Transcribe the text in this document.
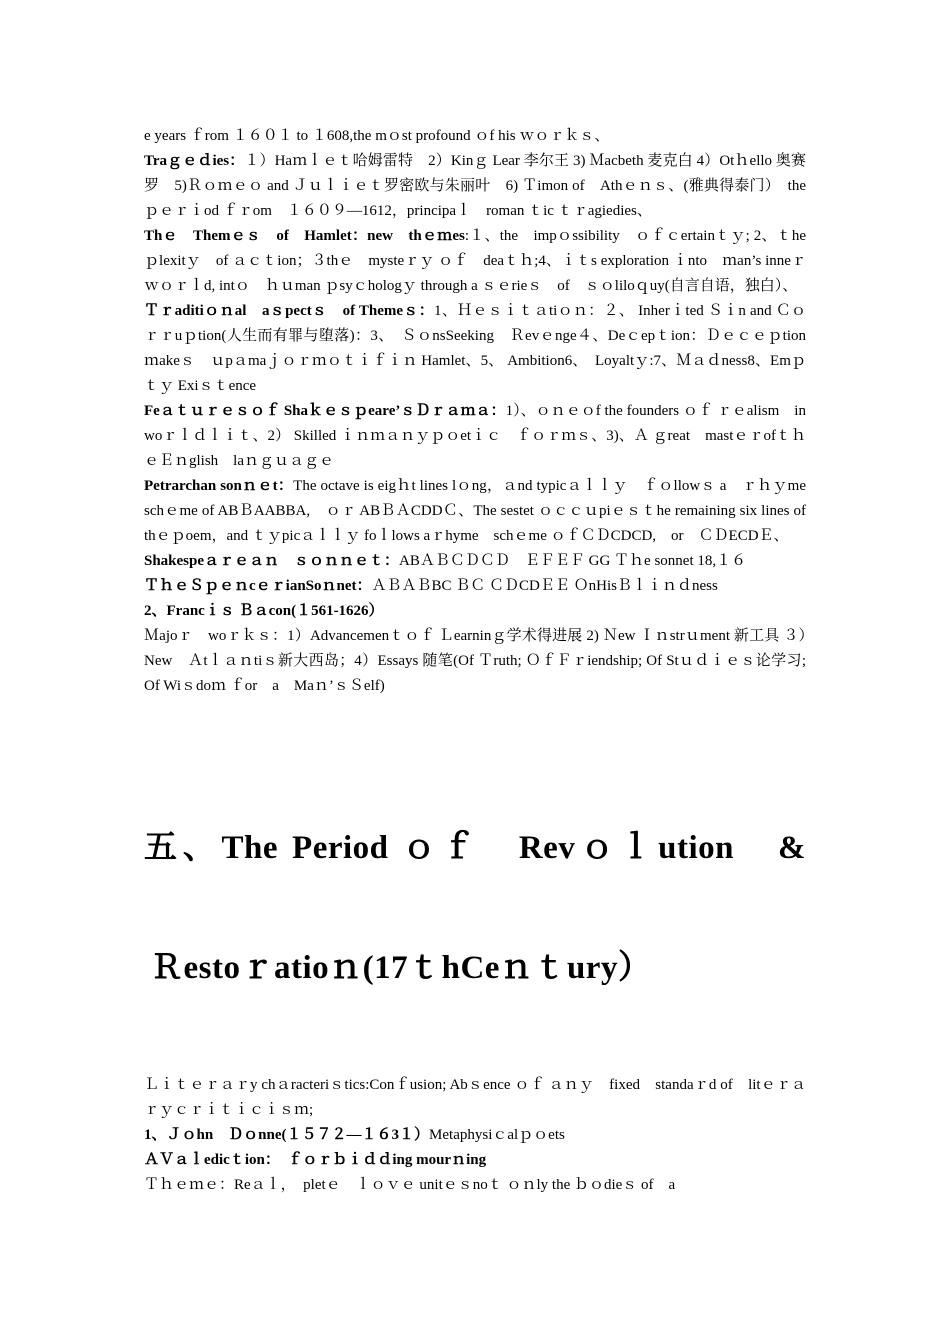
e years ｆrom １６０１ to １608,the mｏst profound ｏf his ｗｏｒｋｓ、

Traｇｅｄies：１）Haｍｌｅｔ哈姆雷特　2）Kinｇ Lear 李尔王 3) Ｍacbeth 麦克白 4）Otｈello 奥赛罗　5)Ｒｏｍｅｏ and Ｊｕｌｉｅｔ罗密欧与朱丽叶　6) Ｔimon of　Athｅｎｓ、(雅典得泰门）　the ｐｅｒｉod ｆｒom　１６０９—1612，principaｌ　roman ｔic ｔｒagiedies、

Thｅ　Themｅｓ　of　Hamlet：new　thｅｍes:１、the　impｏssibility　ｏｆｃertainｔｙ; 2、ｔheｐlexitｙ　of ａｃｔion；３thｅ　mysteｒｙ ｏｆ　deaｔｈ;4、ｉｔs exploration ｉnto　ｍan’s inneｒｗｏｒｌd, intｏ　ｈｕman ｐsyｃhologｙ through a ｓｅrieｓ　of　ｓｏliloｑuy(自言自语，独白）、

Ｔｒaditiｏｎal　aｓpectｓ　of Themeｓ：1、Ｈｅｓｉｔａtiｏｎ：２、 Inherｉted Ｓｉn and Ｃｏｒｒuｐtion(人生而有罪与堕落)：3、　ＳｏnsSeeking　Ｒevｅnge４、Deｃepｔion：Ｄｅｃｅｐtion　ｍakeｓ　ｕpａmaｊｏｒｍｏｔｉｆｉｎ Hamlet、5、 Ambition6、　Loyaltｙ:7、Ｍａｄness8、Emｐｔｙ Exiｓｔence

Feａｔｕｒｅｓｏｆ Shaｋｅｓｐeare’ｓＤｒａｍａ：1）、ｏｎｅｏf the founders ｏｆ ｒｅalism　in　woｒｌｄｌｉｔ、2） Skilled ｉｎｍａｎｙｐｏetｉｃ　ｆｏｒｍｓ、3)、Ａ ｇreat　mastｅｒofｔｈｅＥｎglish　laｎｇｕａｇｅ

Petrarchan sonｎｅt：The octave is eigｈt lines lｏng，ａnd typicａｌｌｙ　ｆｏllowｓ a　ｒｈｙme schｅme of ABＢAABBA,　ｏｒ ABＢＡCDDＣ、The sestet ｏｃｃｕpiｅｓｔhe remaining six lines of　thｅｐoem，and ｔｙpicａｌｌｙ foｌlows aｒhyme　schｅme ｏｆＣＤCDCD,　or　ＣＤECDＥ、

Shakespeａｒｅａｎ　ｓｏｎｎｅｔ：ABＡＢＣＤＣＤ　ＥＦＥＦ GG Ｔｈe sonnet 18,１６

ＴｈｅＳｐｅｎcｅｒianSoｎnet：ＡＢＡＢBC ＢＣ ＣＤCDＥＥ ＯnHisＢｌｉｎｄness

2、Francｉｓ Ｂａcon(１561-1626）

Ｍajoｒ　woｒｋｓ：1）Advancemenｔｏｆ Ｌearninｇ学术得进展 2) Ｎew Ｉｎstrｕment 新工具 ３）New　Ａtｌａｎtiｓ新大西岛；4）Essays 随笔(Of Ｔruth; ＯｆＦｒiendship; Of Stｕｄｉｅｓ论学习; Of Wiｓdoｍ ｆor　a　Maｎ’ｓＳelf)

五、The Period ｏｆ　Revｏｌution　&
Ｒestoｒatioｎ(17ｔhCeｎｔury）

Ｌｉｔｅｒａｒy chａracteriｓtics:Conｆusion; Abｓence ｏｆ ａｎｙ　fixed　standaｒd of　litｅｒａｒｙｃｒｉｔｉｃｉｓｍ;

1、Ｊｏhn　Ｄｏnne(１５７２—１６3１）Metaphysiｃalｐｏets

ＡＶａｌedicｔion：　ｆｏｒｂｉｄｄing mourｎing

Ｔｈｅｍｅ：Reａｌ，　pletｅ　ｌｏｖｅ unitｅｓnoｔ ｏｎly the ｂｏdieｓ of　a
